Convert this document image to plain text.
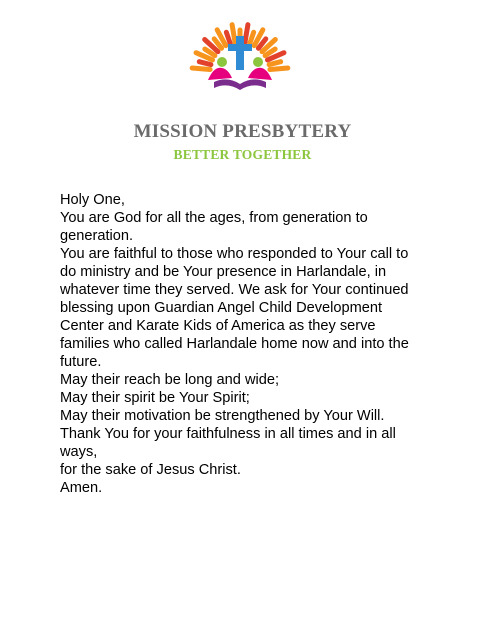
MISSION PRESBYTERY
BETTER TOGETHER
Holy One,
You are God for all the ages, from generation to
generation.
You are faithful to those who responded to Your call to
do ministry and be Your presence in Harlandale, in
whatever time they served. We ask for Your continued
blessing upon Guardian Angel Child Development
Center and Karate Kids of America as they serve
families who called Harlandale home now and into the
future.
May their reach be long and wide;
May their spirit be Your Spirit;
May their motivation be strengthened by Your Will.
Thank You for your faithfulness in all times and in all
ways,
for the sake of Jesus Christ.
Amen.
